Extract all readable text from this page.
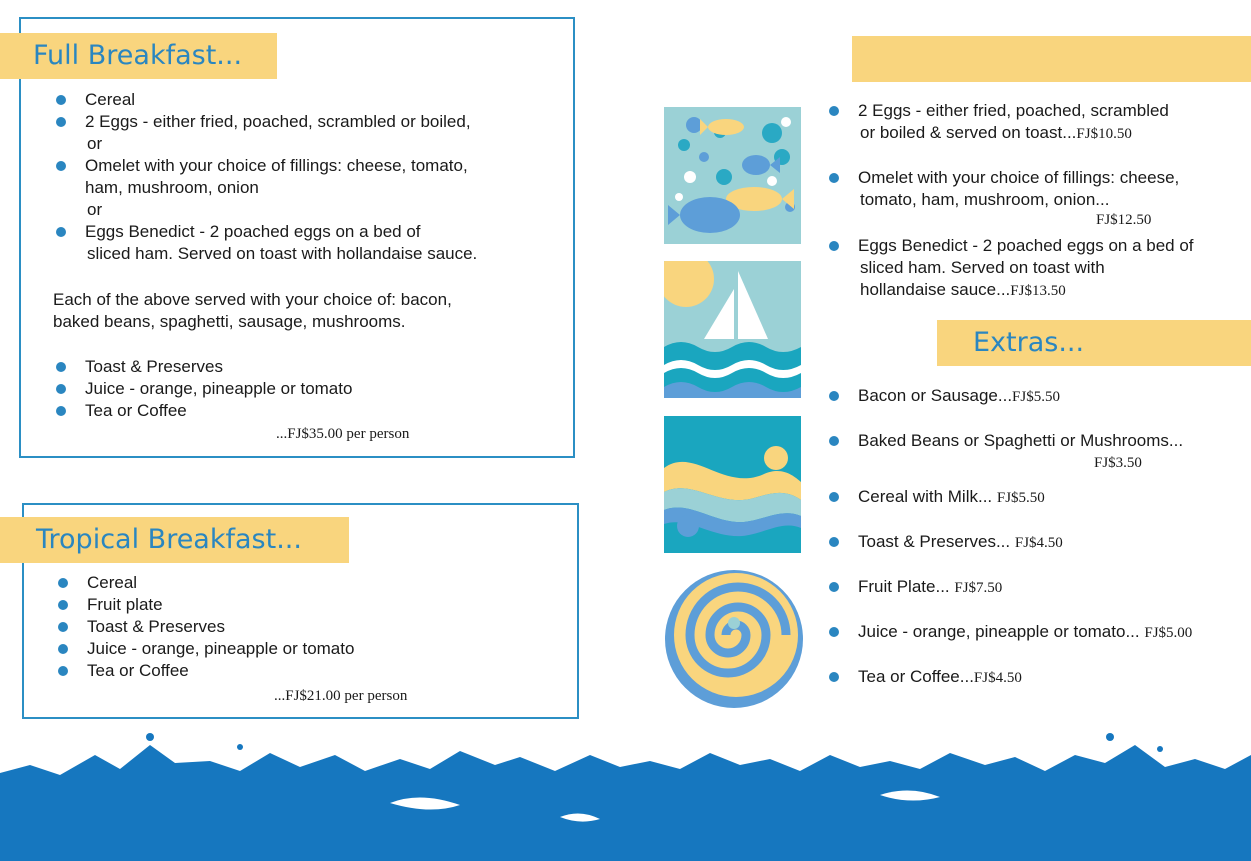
Full Breakfast...
Cereal
2 Eggs - either fried, poached, scrambled or boiled,
or
Omelet with your choice of fillings: cheese, tomato,
ham, mushroom, onion
or
Eggs Benedict - 2 poached eggs on a bed of
sliced ham. Served on toast with hollandaise sauce.
Each of the above served with your choice of: bacon,
baked beans, spaghetti, sausage, mushrooms.
Toast & Preserves
Juice - orange, pineapple or tomato
Tea or Coffee
...FJ$35.00 per person
Tropical Breakfast...
Cereal
Fruit plate
Toast & Preserves
Juice - orange, pineapple or tomato
Tea or Coffee
...FJ$21.00 per person
2 Eggs - either fried, poached, scrambled
or boiled & served on toast...FJ$10.50
Omelet with your choice of fillings: cheese,
tomato, ham, mushroom, onion...
FJ$12.50
Eggs Benedict - 2 poached eggs on a bed of
sliced ham. Served on toast with
hollandaise sauce...FJ$13.50
Extras...
Bacon or Sausage...FJ$5.50
Baked Beans or Spaghetti or Mushrooms...
FJ$3.50
Cereal with Milk... FJ$5.50
Toast & Preserves... FJ$4.50
Fruit Plate... FJ$7.50
Juice - orange, pineapple or tomato... FJ$5.00
Tea or Coffee...FJ$4.50
